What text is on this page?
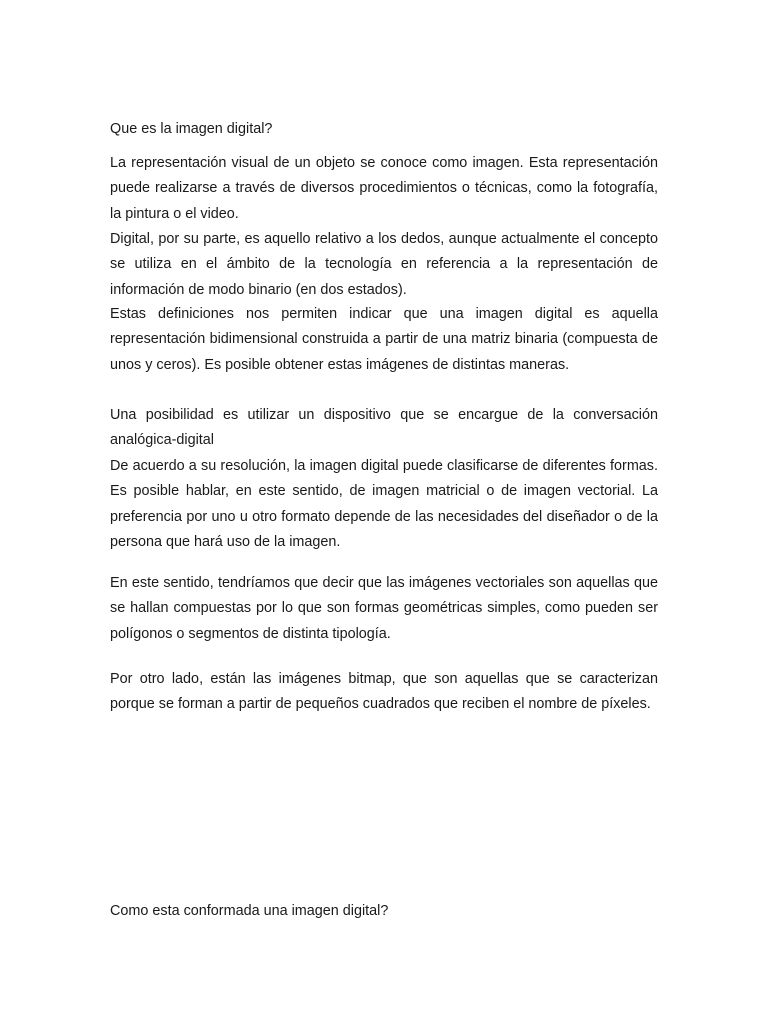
Que es la imagen digital?

La representación visual de un objeto se conoce como imagen. Esta representación puede realizarse a través de diversos procedimientos o técnicas, como la fotografía, la pintura o el video.

Digital, por su parte, es aquello relativo a los dedos, aunque actualmente el concepto se utiliza en el ámbito de la tecnología en referencia a la representación de información de modo binario (en dos estados).

Estas definiciones nos permiten indicar que una imagen digital es aquella representación bidimensional construida a partir de una matriz binaria (compuesta de unos y ceros). Es posible obtener estas imágenes de distintas maneras.

Una posibilidad es utilizar un dispositivo que se encargue de la conversación analógica-digital

De acuerdo a su resolución, la imagen digital puede clasificarse de diferentes formas. Es posible hablar, en este sentido, de imagen matricial o de imagen vectorial. La preferencia por uno u otro formato depende de las necesidades del diseñador o de la persona que hará uso de la imagen.

En este sentido, tendríamos que decir que las imágenes vectoriales son aquellas que se hallan compuestas por lo que son formas geométricas simples, como pueden ser polígonos o segmentos de distinta tipología.

Por otro lado, están las imágenes bitmap, que son aquellas que se caracterizan porque se forman a partir de pequeños cuadrados que reciben el nombre de píxeles.

Como esta conformada una imagen digital?
